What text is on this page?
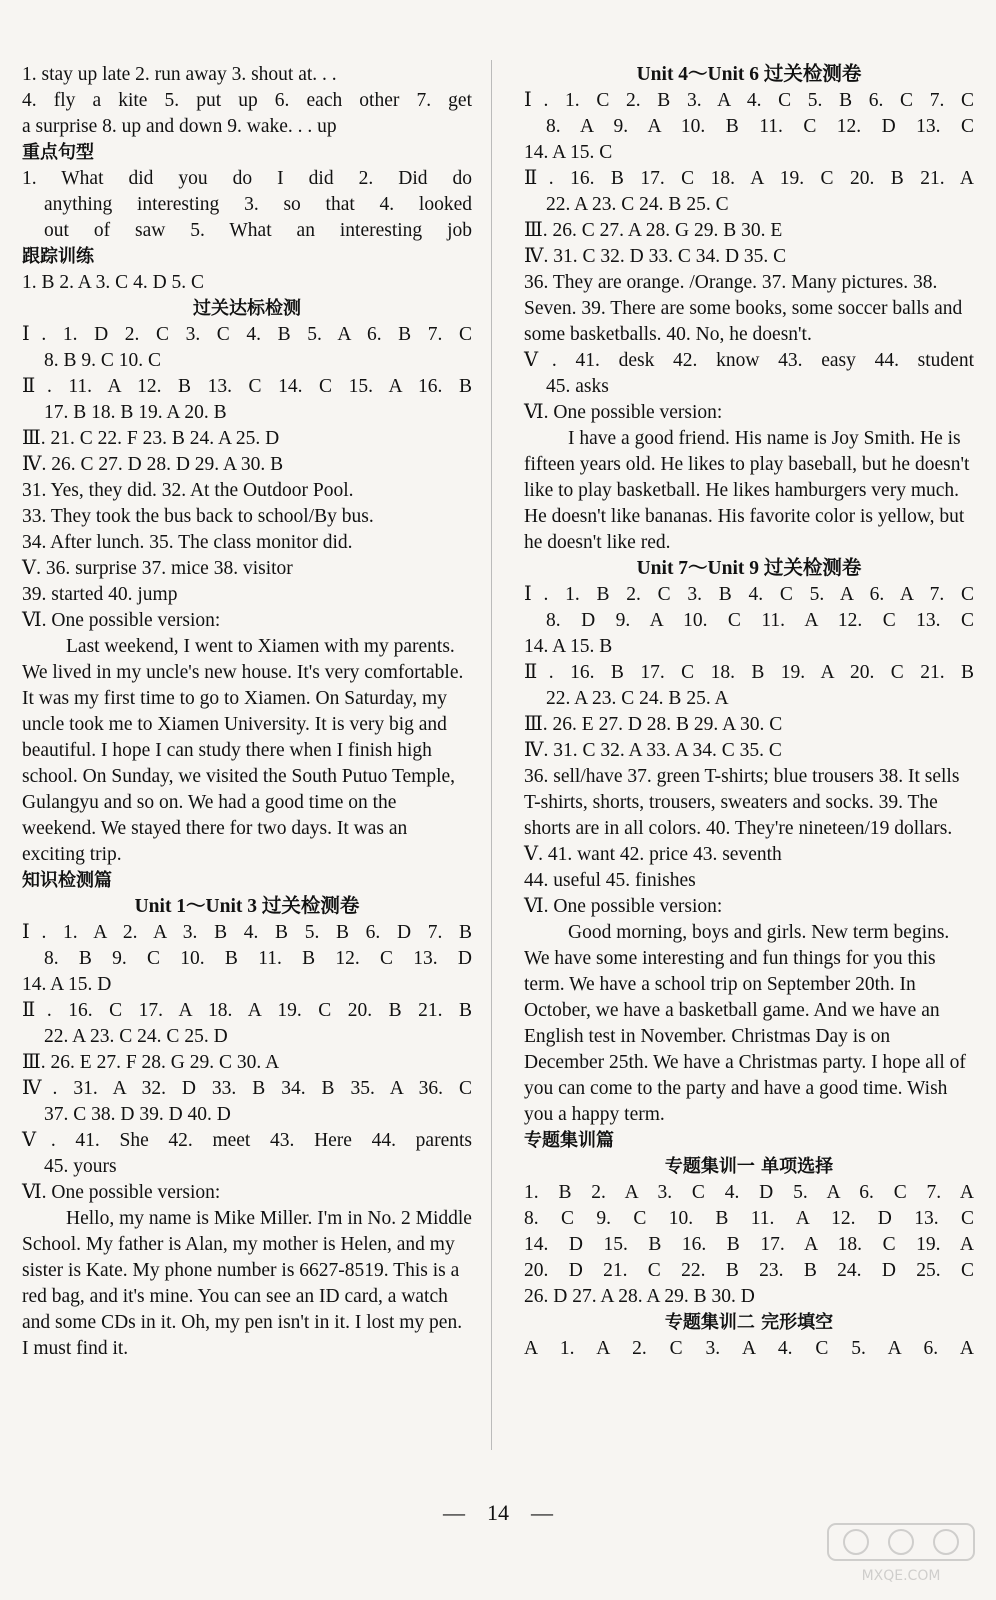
1. stay up late 2. run away 3. shout at. . .
4. fly a kite 5. put up 6. each other 7. get
a surprise 8. up and down 9. wake. . . up
重点句型
1. What did you do I did 2. Did do
anything interesting 3. so that 4. looked
out of saw 5. What an interesting job
跟踪训练
1. B 2. A 3. C 4. D 5. C
过关达标检测
Ⅰ. 1. D 2. C 3. C 4. B 5. A 6. B 7. C
8. B 9. C 10. C
Ⅱ. 11. A 12. B 13. C 14. C 15. A 16. B
17. B 18. B 19. A 20. B
Ⅲ. 21. C 22. F 23. B 24. A 25. D
Ⅳ. 26. C 27. D 28. D 29. A 30. B
31. Yes, they did. 32. At the Outdoor Pool.
33. They took the bus back to school/By bus.
34. After lunch. 35. The class monitor did.
Ⅴ. 36. surprise 37. mice 38. visitor
39. started 40. jump
Ⅵ. One possible version:
Last weekend, I went to Xiamen with my parents. We lived in my uncle's new house. It's very comfortable. It was my first time to go to Xiamen. On Saturday, my uncle took me to Xiamen University. It is very big and beautiful. I hope I can study there when I finish high school. On Sunday, we visited the South Putuo Temple, Gulangyu and so on. We had a good time on the weekend. We stayed there for two days. It was an exciting trip.
知识检测篇
Unit 1～Unit 3 过关检测卷
Ⅰ. 1. A 2. A 3. B 4. B 5. B 6. D 7. B
8. B 9. C 10. B 11. B 12. C 13. D
14. A 15. D
Ⅱ. 16. C 17. A 18. A 19. C 20. B 21. B
22. A 23. C 24. C 25. D
Ⅲ. 26. E 27. F 28. G 29. C 30. A
Ⅳ. 31. A 32. D 33. B 34. B 35. A 36. C
37. C 38. D 39. D 40. D
Ⅴ. 41. She 42. meet 43. Here 44. parents
45. yours
Ⅵ. One possible version:
Hello, my name is Mike Miller. I'm in No. 2 Middle School. My father is Alan, my mother is Helen, and my sister is Kate. My phone number is 6627-8519. This is a red bag, and it's mine. You can see an ID card, a watch and some CDs in it. Oh, my pen isn't in it. I lost my pen. I must find it.
Unit 4～Unit 6 过关检测卷
Ⅰ. 1. C 2. B 3. A 4. C 5. B 6. C 7. C
8. A 9. A 10. B 11. C 12. D 13. C
14. A 15. C
Ⅱ. 16. B 17. C 18. A 19. C 20. B 21. A
22. A 23. C 24. B 25. C
Ⅲ. 26. C 27. A 28. G 29. B 30. E
Ⅳ. 31. C 32. D 33. C 34. D 35. C
36. They are orange. /Orange. 37. Many pictures. 38. Seven. 39. There are some books, some soccer balls and some basketballs. 40. No, he doesn't.
Ⅴ. 41. desk 42. know 43. easy 44. student
45. asks
Ⅵ. One possible version:
I have a good friend. His name is Joy Smith. He is fifteen years old. He likes to play baseball, but he doesn't like to play basketball. He likes hamburgers very much. He doesn't like bananas. His favorite color is yellow, but he doesn't like red.
Unit 7～Unit 9 过关检测卷
Ⅰ. 1. B 2. C 3. B 4. C 5. A 6. A 7. C
8. D 9. A 10. C 11. A 12. C 13. C
14. A 15. B
Ⅱ. 16. B 17. C 18. B 19. A 20. C 21. B
22. A 23. C 24. B 25. A
Ⅲ. 26. E 27. D 28. B 29. A 30. C
Ⅳ. 31. C 32. A 33. A 34. C 35. C
36. sell/have 37. green T-shirts; blue trousers 38. It sells T-shirts, shorts, trousers, sweaters and socks. 39. The shorts are in all colors. 40. They're nineteen/19 dollars.
Ⅴ. 41. want 42. price 43. seventh
44. useful 45. finishes
Ⅵ. One possible version:
Good morning, boys and girls. New term begins. We have some interesting and fun things for you this term. We have a school trip on September 20th. In October, we have a basketball game. And we have an English test in November. Christmas Day is on December 25th. We have a Christmas party. I hope all of you can come to the party and have a good time. Wish you a happy term.
专题集训篇
专题集训一 单项选择
1. B 2. A 3. C 4. D 5. A 6. C 7. A
8. C 9. C 10. B 11. A 12. D 13. C
14. D 15. B 16. B 17. A 18. C 19. A
20. D 21. C 22. B 23. B 24. D 25. C
26. D 27. A 28. A 29. B 30. D
专题集训二 完形填空
A 1. A 2. C 3. A 4. C 5. A 6. A
— 14 —
MXQE.COM
